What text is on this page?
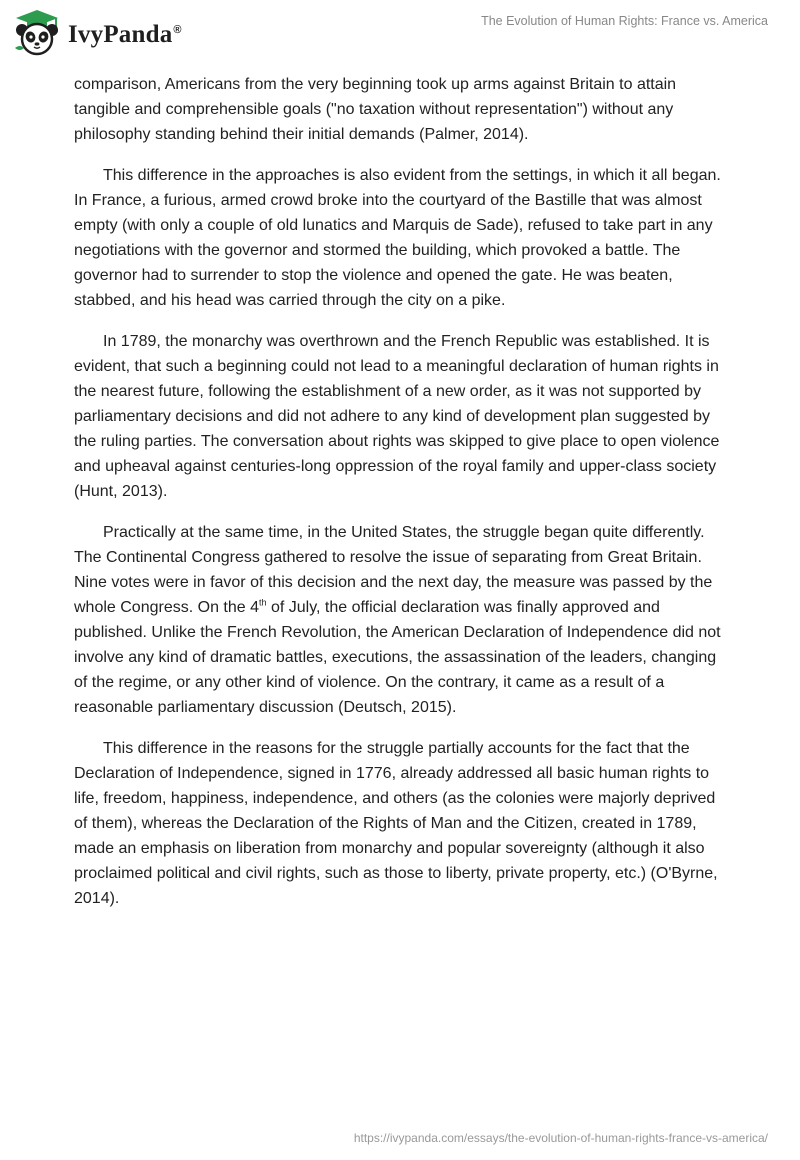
IvyPanda®
The Evolution of Human Rights: France vs. America

comparison, Americans from the very beginning took up arms against Britain to attain tangible and comprehensible goals ("no taxation without representation") without any philosophy standing behind their initial demands (Palmer, 2014).

This difference in the approaches is also evident from the settings, in which it all began. In France, a furious, armed crowd broke into the courtyard of the Bastille that was almost empty (with only a couple of old lunatics and Marquis de Sade), refused to take part in any negotiations with the governor and stormed the building, which provoked a battle. The governor had to surrender to stop the violence and opened the gate. He was beaten, stabbed, and his head was carried through the city on a pike.

In 1789, the monarchy was overthrown and the French Republic was established. It is evident, that such a beginning could not lead to a meaningful declaration of human rights in the nearest future, following the establishment of a new order, as it was not supported by parliamentary decisions and did not adhere to any kind of development plan suggested by the ruling parties. The conversation about rights was skipped to give place to open violence and upheaval against centuries-long oppression of the royal family and upper-class society (Hunt, 2013).

Practically at the same time, in the United States, the struggle began quite differently. The Continental Congress gathered to resolve the issue of separating from Great Britain. Nine votes were in favor of this decision and the next day, the measure was passed by the whole Congress. On the 4th of July, the official declaration was finally approved and published. Unlike the French Revolution, the American Declaration of Independence did not involve any kind of dramatic battles, executions, the assassination of the leaders, changing of the regime, or any other kind of violence. On the contrary, it came as a result of a reasonable parliamentary discussion (Deutsch, 2015).

This difference in the reasons for the struggle partially accounts for the fact that the Declaration of Independence, signed in 1776, already addressed all basic human rights to life, freedom, happiness, independence, and others (as the colonies were majorly deprived of them), whereas the Declaration of the Rights of Man and the Citizen, created in 1789, made an emphasis on liberation from monarchy and popular sovereignty (although it also proclaimed political and civil rights, such as those to liberty, private property, etc.) (O'Byrne, 2014).

https://ivypanda.com/essays/the-evolution-of-human-rights-france-vs-america/
